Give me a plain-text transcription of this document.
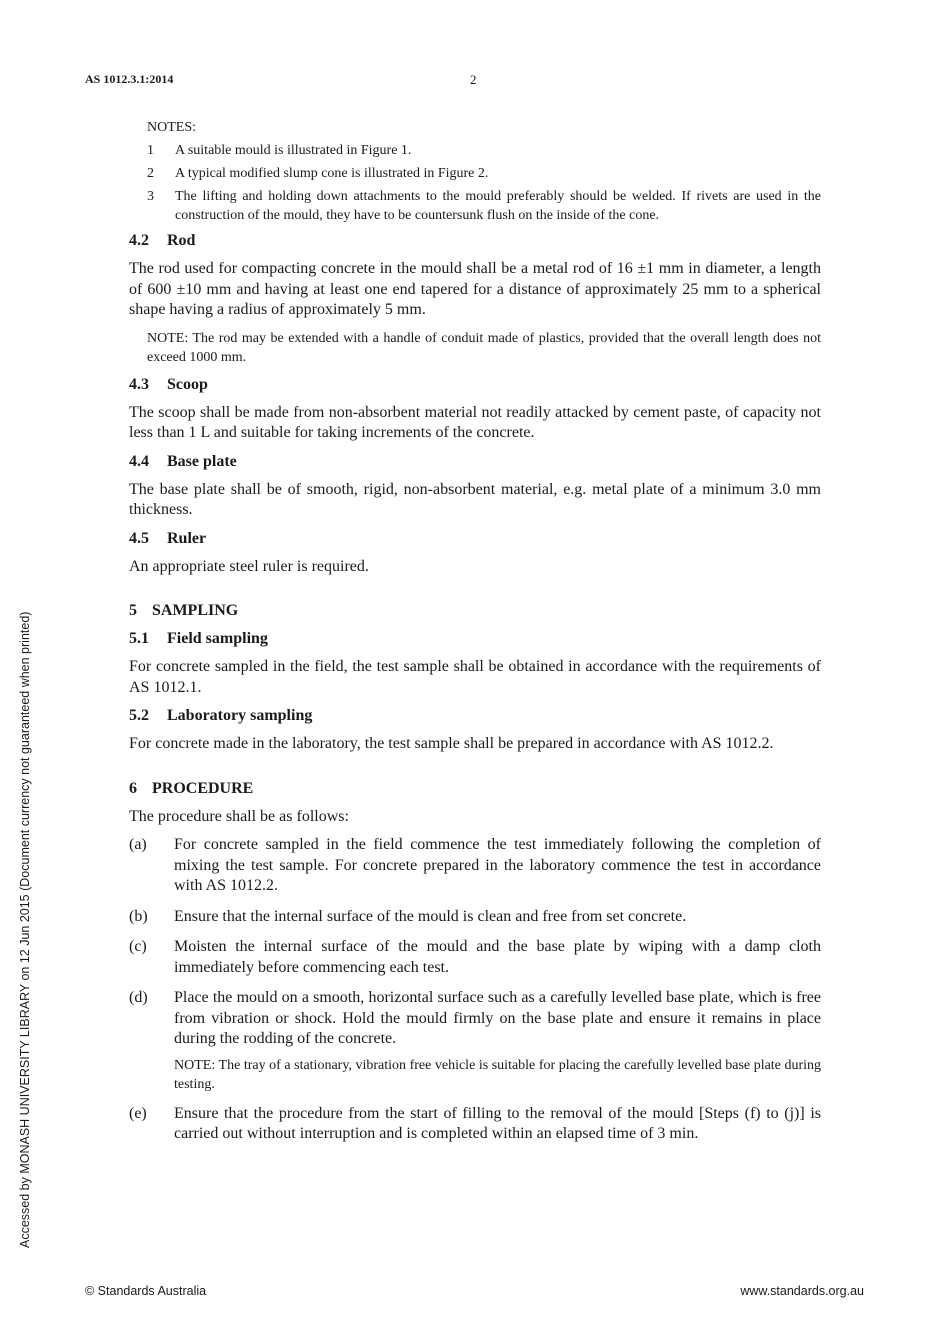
AS 1012.3.1:2014	2
Accessed by MONASH UNIVERSITY LIBRARY on 12 Jun 2015 (Document currency not guaranteed when printed)
NOTES:
1	A suitable mould is illustrated in Figure 1.
2	A typical modified slump cone is illustrated in Figure 2.
3	The lifting and holding down attachments to the mould preferably should be welded. If rivets are used in the construction of the mould, they have to be countersunk flush on the inside of the cone.
4.2 Rod

The rod used for compacting concrete in the mould shall be a metal rod of 16 ±1 mm in diameter, a length of 600 ±10 mm and having at least one end tapered for a distance of approximately 25 mm to a spherical shape having a radius of approximately 5 mm.

NOTE: The rod may be extended with a handle of conduit made of plastics, provided that the overall length does not exceed 1000 mm.

4.3 Scoop

The scoop shall be made from non-absorbent material not readily attacked by cement paste, of capacity not less than 1 L and suitable for taking increments of the concrete.

4.4 Base plate

The base plate shall be of smooth, rigid, non-absorbent material, e.g. metal plate of a minimum 3.0 mm thickness.

4.5 Ruler

An appropriate steel ruler is required.

5 SAMPLING
5.1 Field sampling

For concrete sampled in the field, the test sample shall be obtained in accordance with the requirements of AS 1012.1.

5.2 Laboratory sampling

For concrete made in the laboratory, the test sample shall be prepared in accordance with AS 1012.2.

6 PROCEDURE

The procedure shall be as follows:

(a)	For concrete sampled in the field commence the test immediately following the completion of mixing the test sample. For concrete prepared in the laboratory commence the test in accordance with AS 1012.2.
(b)	Ensure that the internal surface of the mould is clean and free from set concrete.
(c)	Moisten the internal surface of the mould and the base plate by wiping with a damp cloth immediately before commencing each test.
(d)	Place the mould on a smooth, horizontal surface such as a carefully levelled base plate, which is free from vibration or shock. Hold the mould firmly on the base plate and ensure it remains in place during the rodding of the concrete.
NOTE: The tray of a stationary, vibration free vehicle is suitable for placing the carefully levelled base plate during testing.
(e)	Ensure that the procedure from the start of filling to the removal of the mould [Steps (f) to (j)] is carried out without interruption and is completed within an elapsed time of 3 min.
© Standards Australia	www.standards.org.au
